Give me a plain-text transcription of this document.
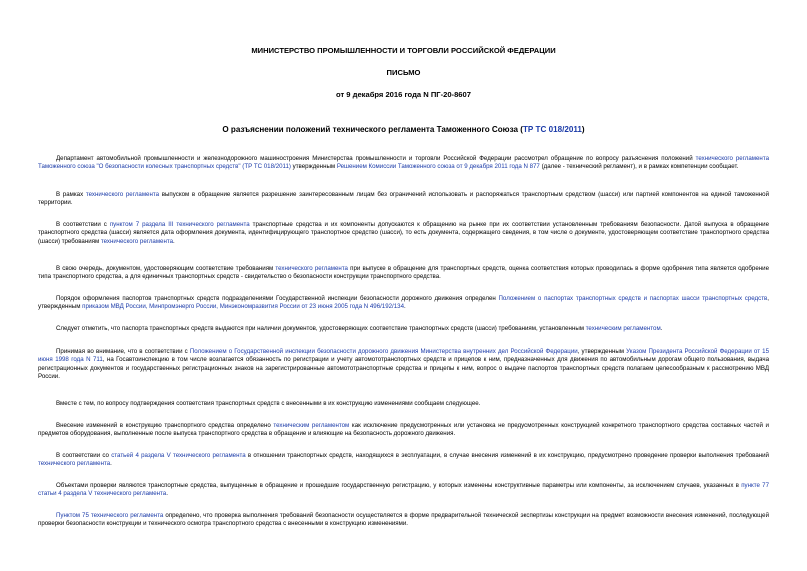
МИНИСТЕРСТВО ПРОМЫШЛЕННОСТИ И ТОРГОВЛИ РОССИЙСКОЙ ФЕДЕРАЦИИ
ПИСЬМО
от 9 декабря 2016 года N ПГ-20-8607
О разъяснении положений технического регламента Таможенного Союза (ТР ТС 018/2011)
Департамент автомобильной промышленности и железнодорожного машиностроения Министерства промышленности и торговли Российской Федерации рассмотрел обращение по вопросу разъяснения положений технического регламента Таможенного союза "О безопасности колесных транспортных средств" (ТР ТС 018/2011) утвержденным Решением Комиссии Таможенного союза от 9 декабря 2011 года N 877 (далее - технический регламент), и в рамках компетенции сообщает.
В рамках технического регламента выпуском в обращение является разрешение заинтересованным лицам без ограничений использовать и распоряжаться транспортным средством (шасси) или партией компонентов на единой таможенной территории.
В соответствии с пунктом 7 раздела III технического регламента транспортные средства и их компоненты допускаются к обращению на рынке при их соответствии установленным требованиям безопасности. Датой выпуска в обращение транспортного средства (шасси) является дата оформления документа, идентифицирующего транспортное средство (шасси), то есть документа, содержащего сведения, в том числе о документе, удостоверяющем соответствие транспортного средства (шасси) требованиям технического регламента.
В свою очередь, документом, удостоверяющим соответствие требованиям технического регламента при выпуске в обращение для транспортных средств, оценка соответствия которых проводилась в форме одобрения типа является одобрение типа транспортного средства, а для единичных транспортных средств - свидетельство о безопасности конструкции транспортного средства.
Порядок оформления паспортов транспортных средств подразделениями Государственной инспекции безопасности дорожного движения определен Положением о паспортах транспортных средств и паспортах шасси транспортных средств, утвержденным приказом МВД России, Минпромэнерго России, Минэкономразвития России от 23 июня 2005 года N 496/192/134.
Следует отметить, что паспорта транспортных средств выдаются при наличии документов, удостоверяющих соответствие транспортных средств (шасси) требованиям, установленным техническим регламентом.
Принимая во внимание, что в соответствии с Положением о Государственной инспекции безопасности дорожного движения Министерства внутренних дел Российской Федерации, утвержденным Указом Президента Российской Федерации от 15 июня 1998 года N 711, на Госавтоинспекцию в том числе возлагается обязанность по регистрации и учету автомототранспортных средств и прицепов к ним, предназначенных для движения по автомобильным дорогам общего пользования, выдача регистрационных документов и государственных регистрационных знаков на зарегистрированные автомототранспортные средства и прицепы к ним, вопрос о выдаче паспортов транспортных средств полагаем целесообразным к рассмотрению МВД России.
Вместе с тем, по вопросу подтверждения соответствия транспортных средств с внесенными в их конструкцию изменениями сообщаем следующее.
Внесение изменений в конструкцию транспортного средства определено техническим регламентом как исключение предусмотренных или установка не предусмотренных конструкцией конкретного транспортного средства составных частей и предметов оборудования, выполненные после выпуска транспортного средства в обращение и влияющие на безопасность дорожного движения.
В соответствии со статьей 4 раздела V технического регламента в отношении транспортных средств, находящихся в эксплуатации, в случае внесения изменений в их конструкцию, предусмотрено проведение проверки выполнения требований технического регламента.
Объектами проверки являются транспортные средства, выпущенные в обращение и прошедшие государственную регистрацию, у которых изменены конструктивные параметры или компоненты, за исключением случаев, указанных в пункте 77 статьи 4 раздела V технического регламента.
Пунктом 75 технического регламента определено, что проверка выполнения требований безопасности осуществляется в форме предварительной технической экспертизы конструкции на предмет возможности внесения изменений, последующей проверки безопасности конструкции и технического осмотра транспортного средства с внесенными в конструкцию изменениями.
